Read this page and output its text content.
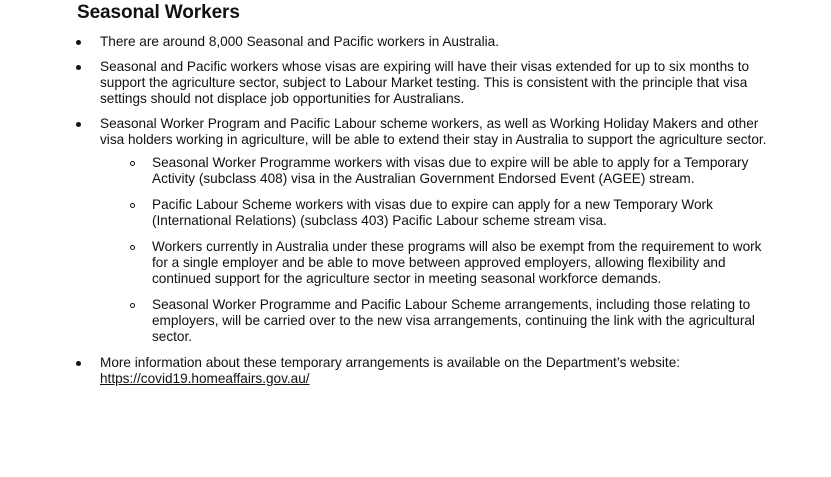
Seasonal Workers
There are around 8,000 Seasonal and Pacific workers in Australia.
Seasonal and Pacific workers whose visas are expiring will have their visas extended for up to six months to support the agriculture sector, subject to Labour Market testing. This is consistent with the principle that visa settings should not displace job opportunities for Australians.
Seasonal Worker Program and Pacific Labour scheme workers, as well as Working Holiday Makers and other visa holders working in agriculture, will be able to extend their stay in Australia to support the agriculture sector.
Seasonal Worker Programme workers with visas due to expire will be able to apply for a Temporary Activity (subclass 408) visa in the Australian Government Endorsed Event (AGEE) stream.
Pacific Labour Scheme workers with visas due to expire can apply for a new Temporary Work (International Relations) (subclass 403) Pacific Labour scheme stream visa.
Workers currently in Australia under these programs will also be exempt from the requirement to work for a single employer and be able to move between approved employers, allowing flexibility and continued support for the agriculture sector in meeting seasonal workforce demands.
Seasonal Worker Programme and Pacific Labour Scheme arrangements, including those relating to employers, will be carried over to the new visa arrangements, continuing the link with the agricultural sector.
More information about these temporary arrangements is available on the Department’s website: https://covid19.homeaffairs.gov.au/
